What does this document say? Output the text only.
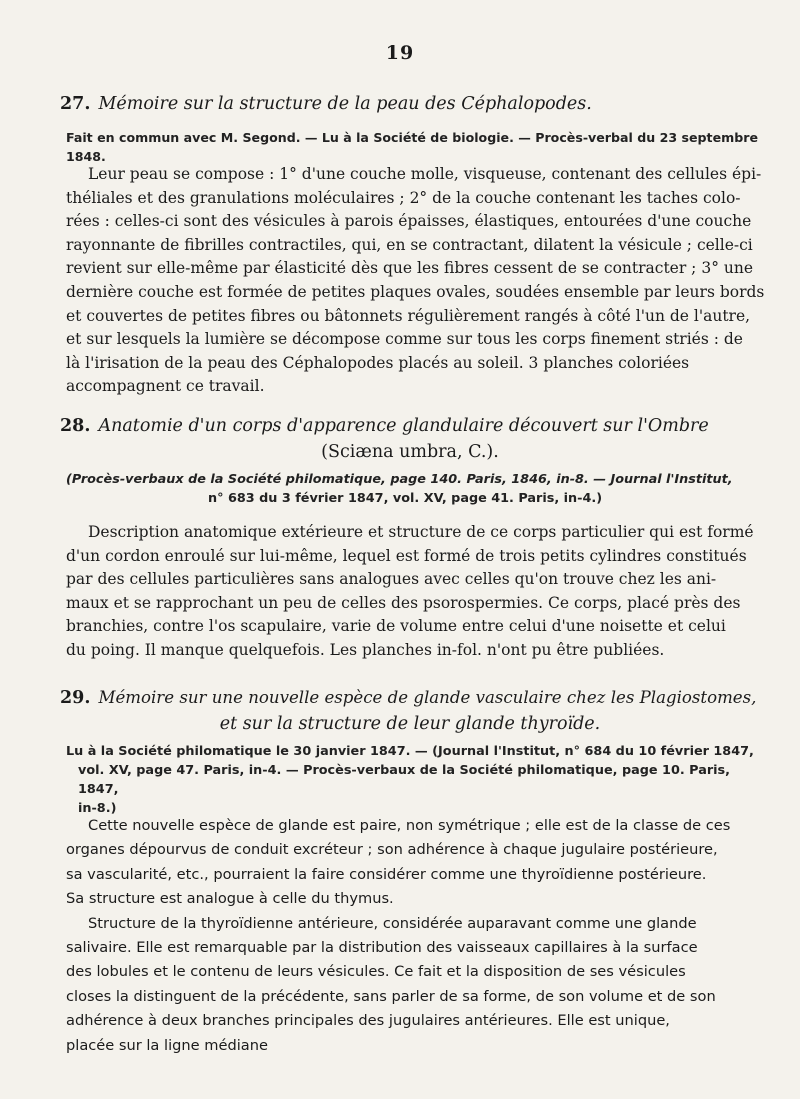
19
27. Mémoire sur la structure de la peau des Céphalopodes.
Fait en commun avec M. Segond. — Lu à la Société de biologie. — Procès-verbal du 23 septembre 1848.
Leur peau se compose : 1° d'une couche molle, visqueuse, contenant des cellules épi-
théliales et des granulations moléculaires ; 2° de la couche contenant les taches colo-
rées : celles-ci sont des vésicules à parois épaisses, élastiques, entourées d'une couche
rayonnante de fibrilles contractiles, qui, en se contractant, dilatent la vésicule ; celle-ci
revient sur elle-même par élasticité dès que les fibres cessent de se contracter ; 3° une
dernière couche est formée de petites plaques ovales, soudées ensemble par leurs bords
et couvertes de petites fibres ou bâtonnets régulièrement rangés à côté l'un de l'autre,
et sur lesquels la lumière se décompose comme sur tous les corps finement striés : de
là l'irisation de la peau des Céphalopodes placés au soleil. 3 planches coloriées
accompagnent ce travail.
28. Anatomie d'un corps d'apparence glandulaire découvert sur l'Ombre
(Sciæna umbra, C.).
(Procès-verbaux de la Société philomatique, page 140. Paris, 1846, in-8. — Journal l'Institut,
n° 683 du 3 février 1847, vol. XV, page 41. Paris, in-4.)
Description anatomique extérieure et structure de ce corps particulier qui est formé
d'un cordon enroulé sur lui-même, lequel est formé de trois petits cylindres constitués
par des cellules particulières sans analogues avec celles qu'on trouve chez les ani-
maux et se rapprochant un peu de celles des psorospermies. Ce corps, placé près des
branchies, contre l'os scapulaire, varie de volume entre celui d'une noisette et celui
du poing. Il manque quelquefois. Les planches in-fol. n'ont pu être publiées.
29. Mémoire sur une nouvelle espèce de glande vasculaire chez les Plagiostomes,
et sur la structure de leur glande thyroïde.
Lu à la Société philomatique le 30 janvier 1847. — (Journal l'Institut, n° 684 du 10 février 1847,
vol. XV, page 47. Paris, in-4. — Procès-verbaux de la Société philomatique, page 10. Paris, 1847,
in-8.)
Cette nouvelle espèce de glande est paire, non symétrique ; elle est de la classe de ces
organes dépourvus de conduit excréteur ; son adhérence à chaque jugulaire postérieure,
sa vascularité, etc., pourraient la faire considérer comme une thyroïdienne postérieure.
Sa structure est analogue à celle du thymus.
Structure de la thyroïdienne antérieure, considérée auparavant comme une glande
salivaire. Elle est remarquable par la distribution des vaisseaux capillaires à la surface
des lobules et le contenu de leurs vésicules. Ce fait et la disposition de ses vésicules
closes la distinguent de la précédente, sans parler de sa forme, de son volume et de son
adhérence à deux branches principales des jugulaires antérieures. Elle est unique,
placée sur la ligne médiane
